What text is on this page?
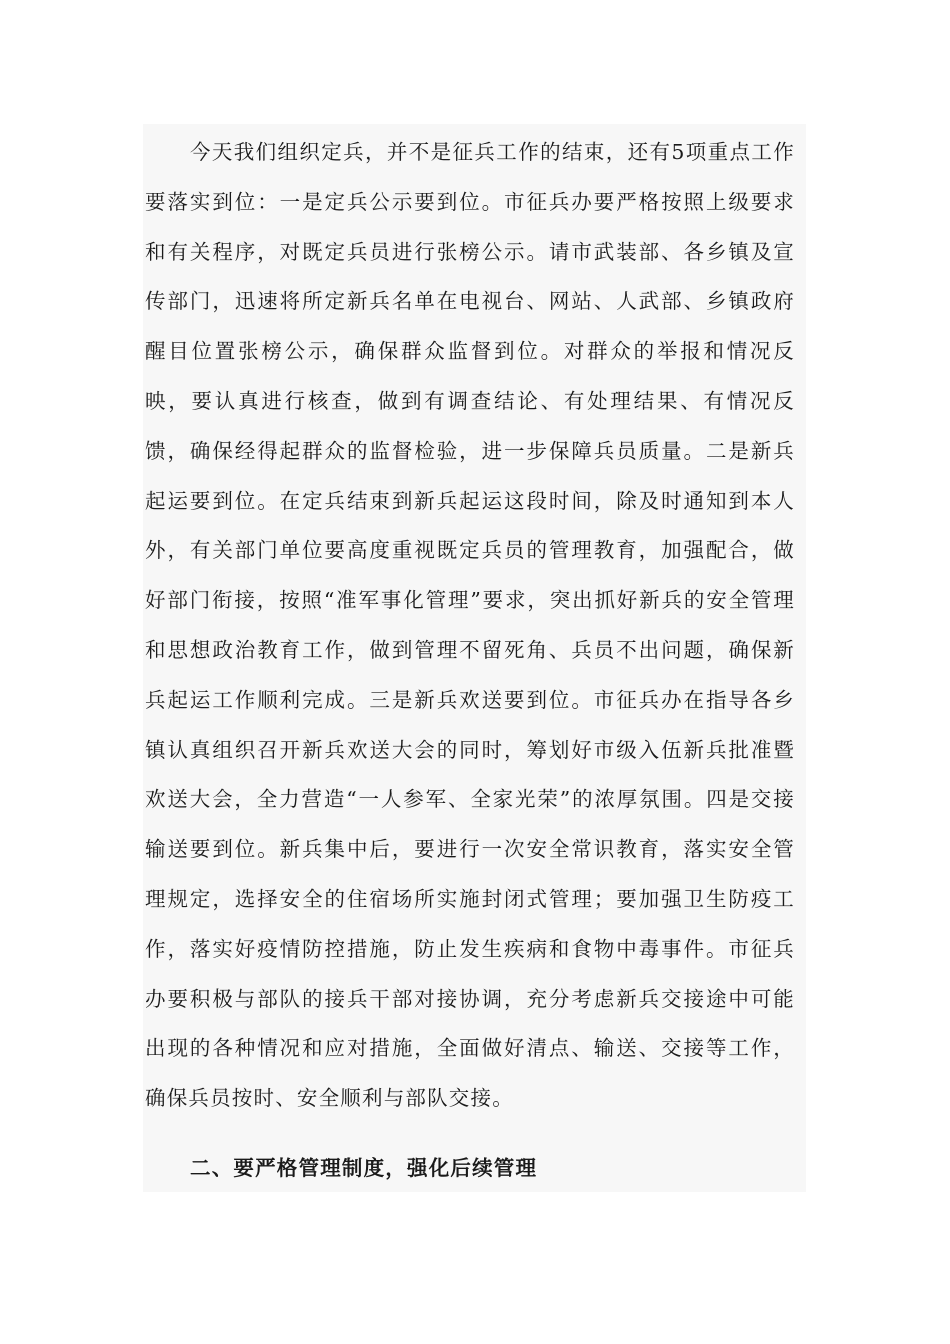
今天我们组织定兵，并不是征兵工作的结束，还有5项重点工作要落实到位：一是定兵公示要到位。市征兵办要严格按照上级要求和有关程序，对既定兵员进行张榜公示。请市武装部、各乡镇及宣传部门，迅速将所定新兵名单在电视台、网站、人武部、乡镇政府醒目位置张榜公示，确保群众监督到位。对群众的举报和情况反映，要认真进行核查，做到有调查结论、有处理结果、有情况反馈，确保经得起群众的监督检验，进一步保障兵员质量。二是新兵起运要到位。在定兵结束到新兵起运这段时间，除及时通知到本人外，有关部门单位要高度重视既定兵员的管理教育，加强配合，做好部门衔接，按照“准军事化管理”要求，突出抓好新兵的安全管理和思想政治教育工作，做到管理不留死角、兵员不出问题，确保新兵起运工作顺利完成。三是新兵欢送要到位。市征兵办在指导各乡镇认真组织召开新兵欢送大会的同时，筹划好市级入伍新兵批准暨欢送大会，全力营造“一人参军、全家光荣”的浓厚氛围。四是交接输送要到位。新兵集中后，要进行一次安全常识教育，落实安全管理规定，选择安全的住宿场所实施封闭式管理；要加强卫生防疫工作，落实好疫情防控措施，防止发生疾病和食物中毒事件。市征兵办要积极与部队的接兵干部对接协调，充分考虑新兵交接途中可能出现的各种情况和应对措施，全面做好清点、输送、交接等工作，确保兵员按时、安全顺利与部队交接。

二、要严格管理制度，强化后续管理
